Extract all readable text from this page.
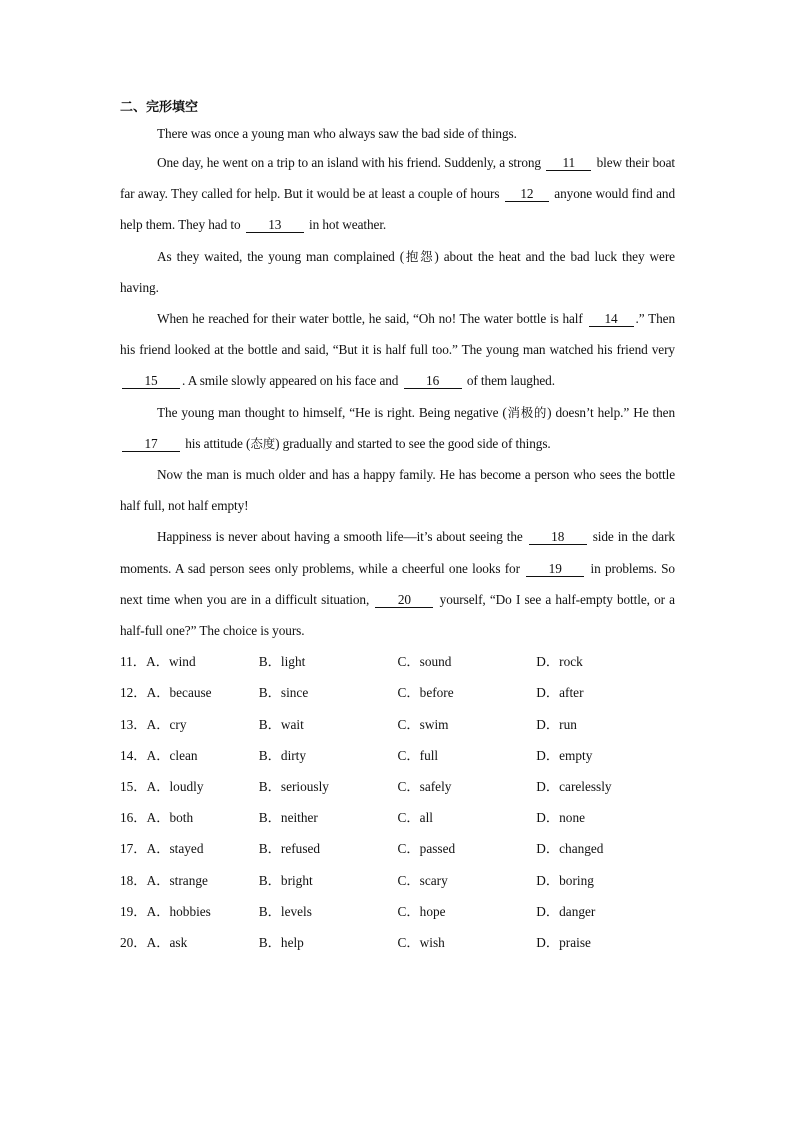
二、完形填空

There was once a young man who always saw the bad side of things.

One day, he went on a trip to an island with his friend. Suddenly, a strong 11 blew their boat far away. They called for help. But it would be at least a couple of hours 12 anyone would find and help them. They had to 13 in hot weather.

As they waited, the young man complained (抱怨) about the heat and the bad luck they were having.

When he reached for their water bottle, he said, “Oh no! The water bottle is half 14 .” Then his friend looked at the bottle and said, “But it is half full too.” The young man watched his friend very 15 . A smile slowly appeared on his face and 16 of them laughed.

The young man thought to himself, “He is right. Being negative (消极的) doesn’t help.” He then 17 his attitude (态度) gradually and started to see the good side of things.

Now the man is much older and has a happy family. He has become a person who sees the bottle half full, not half empty!

Happiness is never about having a smooth life—it’s about seeing the 18 side in the dark moments. A sad person sees only problems, while a cheerful one looks for 19 in problems. So next time when you are in a difficult situation, 20 yourself, “Do I see a half-empty bottle, or a half-full one?” The choice is yours.

11．A．wind	B．light	C．sound	D．rock
12．A．because	B．since	C．before	D．after
13．A．cry	B．wait	C．swim	D．run
14．A．clean	B．dirty	C．full	D．empty
15．A．loudly	B．seriously	C．safely	D．carelessly
16．A．both	B．neither	C．all	D．none
17．A．stayed	B．refused	C．passed	D．changed
18．A．strange	B．bright	C．scary	D．boring
19．A．hobbies	B．levels	C．hope	D．danger
20．A．ask	B．help	C．wish	D．praise
